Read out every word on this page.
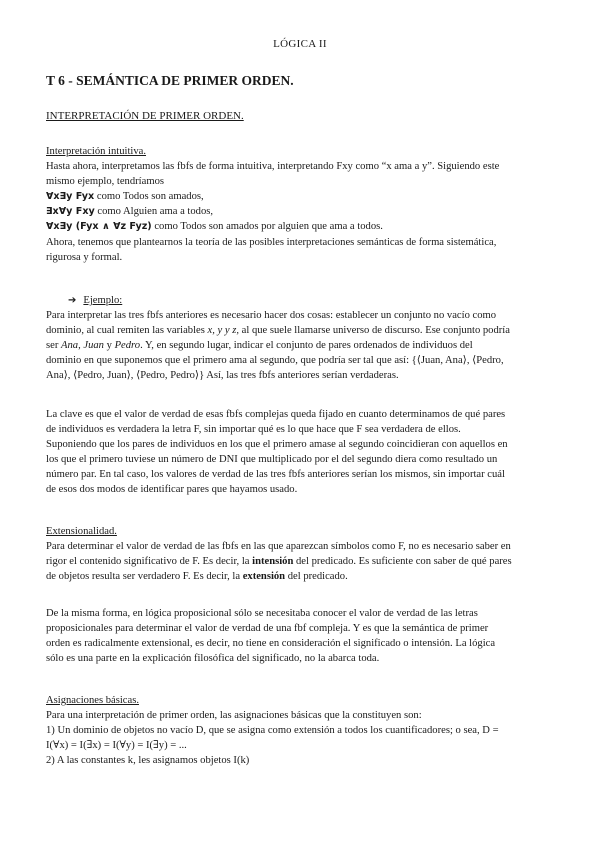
LÓGICA II
T 6 - SEMÁNTICA DE PRIMER ORDEN.
INTERPRETACIÓN DE PRIMER ORDEN.

Interpretación intuitiva.

Hasta ahora, interpretamos las fbfs de forma intuitiva, interpretando Fxy como “x ama a y”. Siguiendo este

mismo ejemplo, tendríamos

∀x∃y Fyx como Todos son amados,

∃x∀y Fxy como Alguien ama a todos,

∀x∃y (Fyx ∧ ∀z Fyz) como Todos son amados por alguien que ama a todos.

Ahora, tenemos que plantearnos la teoría de las posibles interpretaciones semánticas de forma sistemática,

rigurosa y formal.

➔ Ejemplo:

Para interpretar las tres fbfs anteriores es necesario hacer dos cosas: establecer un conjunto no vacío como

dominio, al cual remiten las variables x, y y z, al que suele llamarse universo de discurso. Ese conjunto podría

ser Ana, Juan y Pedro. Y, en segundo lugar, indicar el conjunto de pares ordenados de individuos del

dominio en que suponemos que el primero ama al segundo, que podría ser tal que así: {⟨Juan, Ana⟩, ⟨Pedro,

Ana⟩, ⟨Pedro, Juan⟩, ⟨Pedro, Pedro⟩} Así, las tres fbfs anteriores serían verdaderas.

La clave es que el valor de verdad de esas fbfs complejas queda fijado en cuanto determinamos de qué pares

de individuos es verdadera la letra F, sin importar qué es lo que hace que F sea verdadera de ellos.

Suponiendo que los pares de individuos en los que el primero amase al segundo coincidieran con aquellos en

los que el primero tuviese un número de DNI que multiplicado por el del segundo diera como resultado un

número par. En tal caso, los valores de verdad de las tres fbfs anteriores serían los mismos, sin importar cuál

de esos dos modos de identificar pares que hayamos usado.

Extensionalidad.

Para determinar el valor de verdad de las fbfs en las que aparezcan símbolos como F, no es necesario saber en

rigor el contenido significativo de F. Es decir, la intensión del predicado. Es suficiente con saber de qué pares

de objetos resulta ser verdadero F. Es decir, la extensión del predicado.

De la misma forma, en lógica proposicional sólo se necesitaba conocer el valor de verdad de las letras

proposicionales para determinar el valor de verdad de una fbf compleja. Y es que la semántica de primer

orden es radicalmente extensional, es decir, no tiene en consideración el significado o intensión. La lógica

sólo es una parte en la explicación filosófica del significado, no la abarca toda.

Asignaciones básicas.

Para una interpretación de primer orden, las asignaciones básicas que la constituyen son:

1) Un dominio de objetos no vacío D, que se asigna como extensión a todos los cuantificadores; o sea, D =

I(∀x) = I(∃x) = I(∀y) = I(∃y) = ...

2) A las constantes k, les asignamos objetos I(k)
